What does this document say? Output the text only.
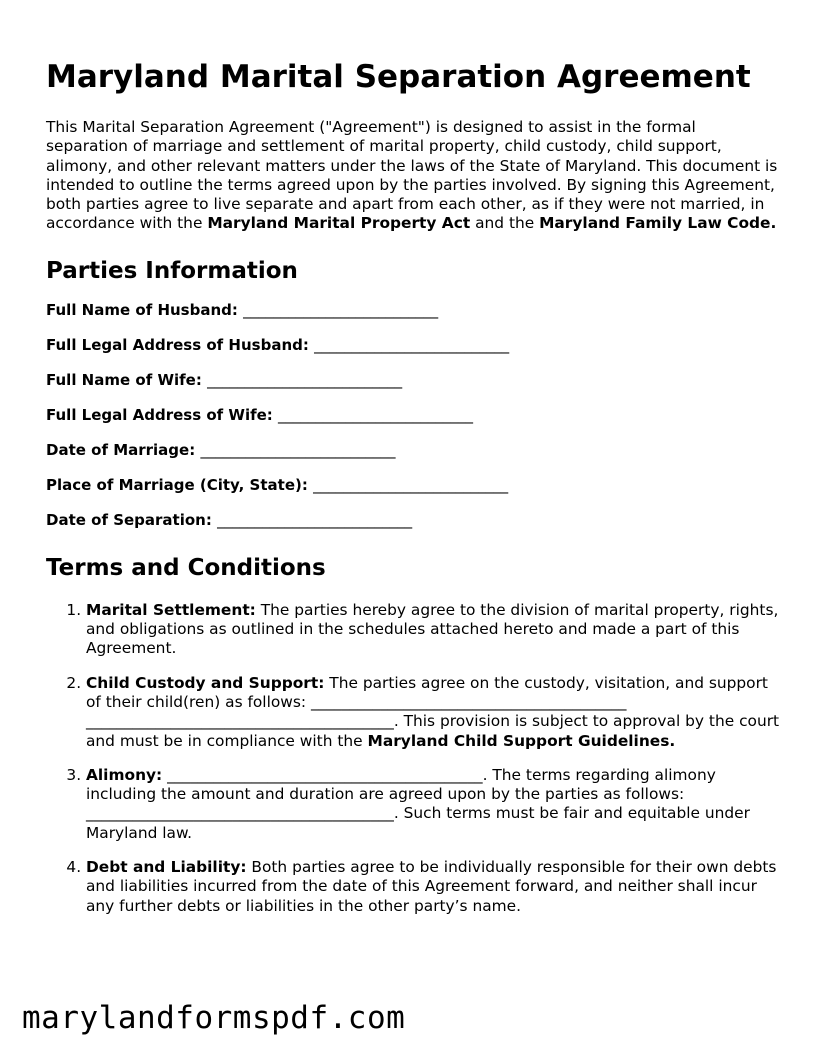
Maryland Marital Separation Agreement

This Marital Separation Agreement ("Agreement") is designed to assist in the formal separation of marriage and settlement of marital property, child custody, child support, alimony, and other relevant matters under the laws of the State of Maryland. This document is intended to outline the terms agreed upon by the parties involved. By signing this Agreement, both parties agree to live separate and apart from each other, as if they were not married, in accordance with the Maryland Marital Property Act and the Maryland Family Law Code.

Parties Information
Full Name of Husband: __________________________
Full Legal Address of Husband: __________________________
Full Name of Wife: __________________________
Full Legal Address of Wife: __________________________
Date of Marriage: __________________________
Place of Marriage (City, State): __________________________
Date of Separation: __________________________
Terms and Conditions
1. Marital Settlement: The parties hereby agree to the division of marital property, rights, and obligations as outlined in the schedules attached hereto and made a part of this Agreement.
2. Child Custody and Support: The parties agree on the custody, visitation, and support of their child(ren) as follows: _________________________________________ ________________________________________. This provision is subject to approval by the court and must be in compliance with the Maryland Child Support Guidelines.
3. Alimony: _________________________________________. The terms regarding alimony including the amount and duration are agreed upon by the parties as follows: ________________________________________. Such terms must be fair and equitable under Maryland law.
4. Debt and Liability: Both parties agree to be individually responsible for their own debts and liabilities incurred from the date of this Agreement forward, and neither shall incur any further debts or liabilities in the other party’s name.
marylandformspdf.com
